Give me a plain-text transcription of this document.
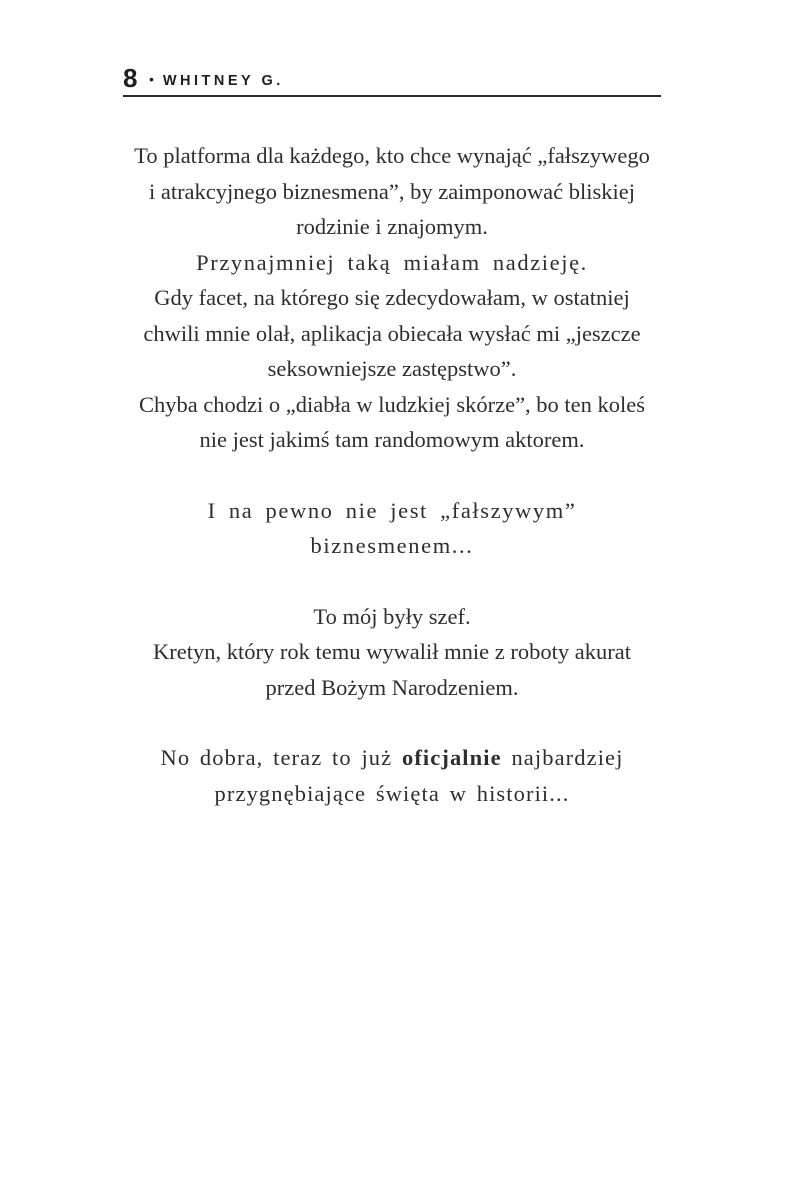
8 • WHITNEY G.

To platforma dla każdego, kto chce wynająć „fałszywego
i atrakcyjnego biznesmena”, by zaimponować bliskiej
rodzinie i znajomym.

Przynajmniej taką miałam nadzieję.

Gdy facet, na którego się zdecydowałam, w ostatniej
chwili mnie olał, aplikacja obiecała wysłać mi „jeszcze
seksowniejsze zastępstwo”.

Chyba chodzi o „diabła w ludzkiej skórze”, bo ten koleś
nie jest jakimś tam randomowym aktorem.

I na pewno nie jest „fałszywym”
biznesmenem...

To mój były szef.

Kretyn, który rok temu wywalił mnie z roboty akurat
przed Bożym Narodzeniem.

No dobra, teraz to już oficjalnie najbardziej
przygnębiające święta w historii...
